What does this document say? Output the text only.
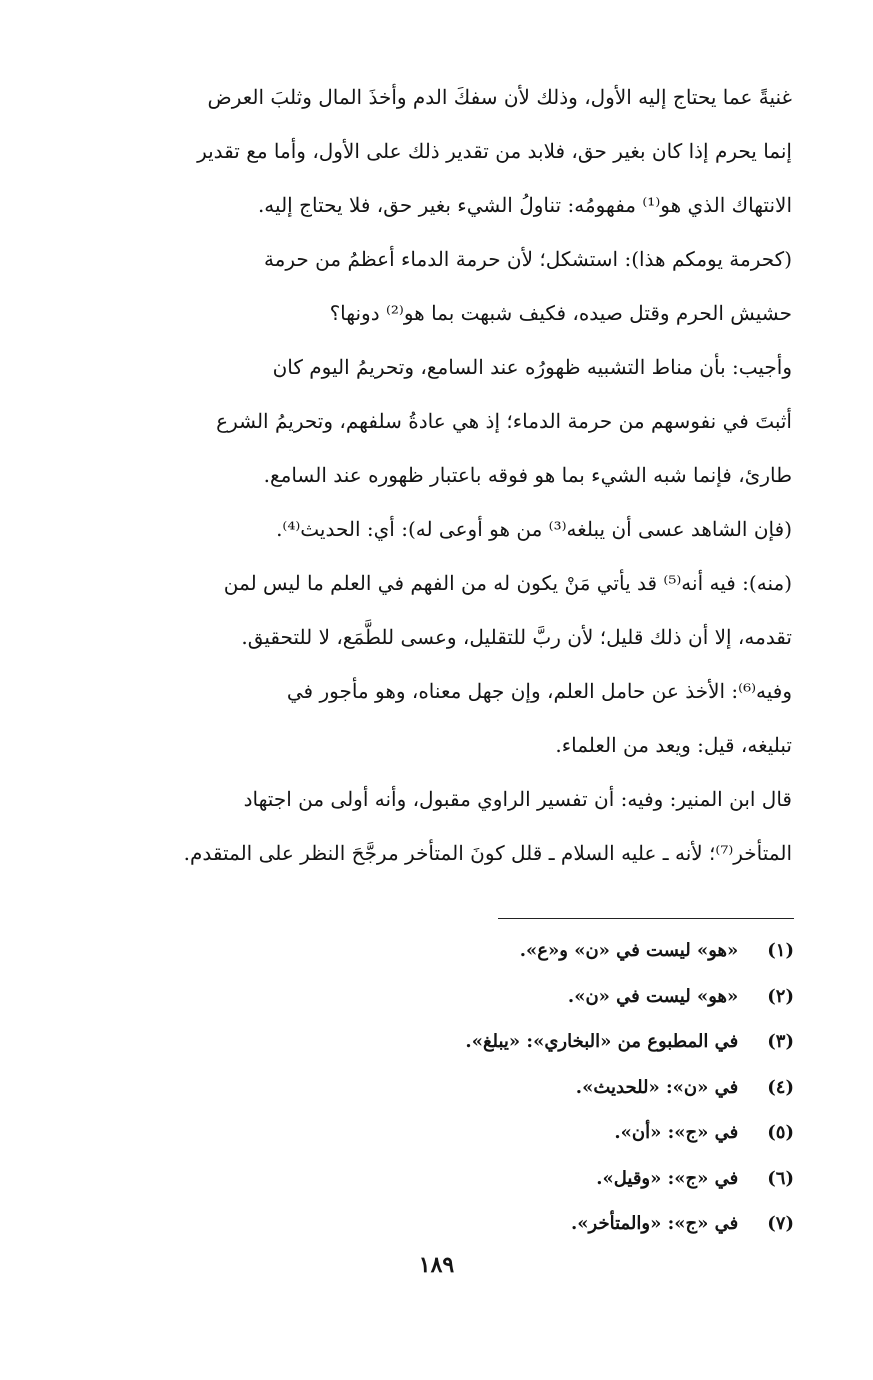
غنيةً عما يحتاج إليه الأول، وذلك لأن سفكَ الدم وأخذَ المال وثلبَ العرض
إنما يحرم إذا كان بغير حق، فلابد من تقدير ذلك على الأول، وأما مع تقدير
الانتهاك الذي هو⁽¹⁾ مفهومُه: تناولُ الشيء بغير حق، فلا يحتاج إليه.
(كحرمة يومكم هذا): استشكل؛ لأن حرمة الدماء أعظمُ من حرمة
حشيش الحرم وقتل صيده، فكيف شبهت بما هو⁽²⁾ دونها؟
وأجيب: بأن مناط التشبيه ظهورُه عند السامع، وتحريمُ اليوم كان
أثبتَ في نفوسهم من حرمة الدماء؛ إذ هي عادةُ سلفهم، وتحريمُ الشرع
طارئ، فإنما شبه الشيء بما هو فوقه باعتبار ظهوره عند السامع.
(فإن الشاهد عسى أن يبلغه⁽³⁾ من هو أوعى له): أي: الحديث⁽⁴⁾.
(منه): فيه أنه⁽⁵⁾ قد يأتي مَنْ يكون له من الفهم في العلم ما ليس لمن
تقدمه، إلا أن ذلك قليل؛ لأن ربَّ للتقليل، وعسى للطَّمَع، لا للتحقيق.
وفيه⁽⁶⁾: الأخذ عن حامل العلم، وإن جهل معناه، وهو مأجور في
تبليغه، قيل: ويعد من العلماء.
قال ابن المنير: وفيه: أن تفسير الراوي مقبول، وأنه أولى من اجتهاد
المتأخر⁽⁷⁾؛ لأنه ـ عليه السلام ـ قلل كونَ المتأخر مرجَّحَ النظر على المتقدم.
(١) «هو» ليست في «ن» و«ع».
(٢) «هو» ليست في «ن».
(٣) في المطبوع من «البخاري»: «يبلغ».
(٤) في «ن»: «للحديث».
(٥) في «ج»: «أن».
(٦) في «ج»: «وقيل».
(٧) في «ج»: «والمتأخر».
١٨٩
